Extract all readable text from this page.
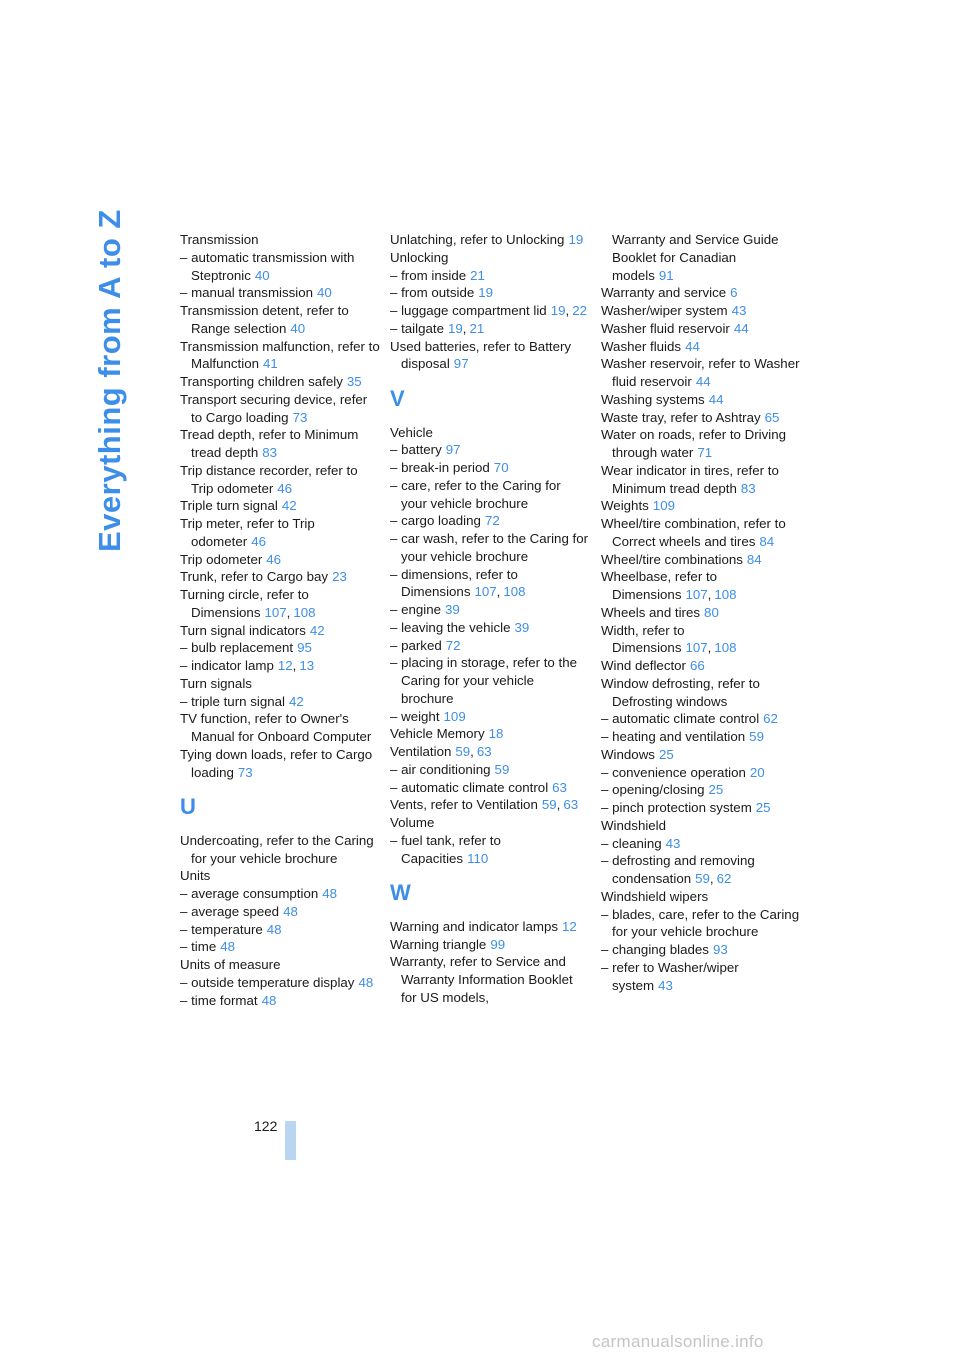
Everything from A to Z	Transmission
– automatic transmission with Steptronic 40
– manual transmission 40
Transmission detent, refer to Range selection 40
Transmission malfunction, refer to Malfunction 41
Transporting children safely 35
Transport securing device, refer to Cargo loading 73
Tread depth, refer to Minimum tread depth 83
Trip distance recorder, refer to Trip odometer 46
Triple turn signal 42
Trip meter, refer to Trip odometer 46
Trip odometer 46
Trunk, refer to Cargo bay 23
Turning circle, refer to Dimensions 107, 108
Turn signal indicators 42
– bulb replacement 95
– indicator lamp 12, 13
Turn signals
– triple turn signal 42
TV function, refer to Owner's Manual for Onboard Computer
Tying down loads, refer to Cargo loading 73
U
Undercoating, refer to the Caring for your vehicle brochure
Units
– average consumption 48
– average speed 48
– temperature 48
– time 48
Units of measure
– outside temperature display 48
– time format 48
Unlatching, refer to Unlocking 19
Unlocking
– from inside 21
– from outside 19
– luggage compartment lid 19, 22
– tailgate 19, 21
Used batteries, refer to Battery disposal 97
V
Vehicle
– battery 97
– break-in period 70
– care, refer to the Caring for your vehicle brochure
– cargo loading 72
– car wash, refer to the Caring for your vehicle brochure
– dimensions, refer to Dimensions 107, 108
– engine 39
– leaving the vehicle 39
– parked 72
– placing in storage, refer to the Caring for your vehicle brochure
– weight 109
Vehicle Memory 18
Ventilation 59, 63
– air conditioning 59
– automatic climate control 63
Vents, refer to Ventilation 59, 63
Volume
– fuel tank, refer to Capacities 110
W
Warning and indicator lamps 12
Warning triangle 99
Warranty, refer to Service and Warranty Information Booklet for US models,
Warranty and Service Guide Booklet for Canadian models 91
Warranty and service 6
Washer/wiper system 43
Washer fluid reservoir 44
Washer fluids 44
Washer reservoir, refer to Washer fluid reservoir 44
Washing systems 44
Waste tray, refer to Ashtray 65
Water on roads, refer to Driving through water 71
Wear indicator in tires, refer to Minimum tread depth 83
Weights 109
Wheel/tire combination, refer to Correct wheels and tires 84
Wheel/tire combinations 84
Wheelbase, refer to Dimensions 107, 108
Wheels and tires 80
Width, refer to Dimensions 107, 108
Wind deflector 66
Window defrosting, refer to Defrosting windows
– automatic climate control 62
– heating and ventilation 59
Windows 25
– convenience operation 20
– opening/closing 25
– pinch protection system 25
Windshield
– cleaning 43
– defrosting and removing condensation 59, 62
Windshield wipers
– blades, care, refer to the Caring for your vehicle brochure
– changing blades 93
– refer to Washer/wiper system 43
122
carmanualsonline.info
